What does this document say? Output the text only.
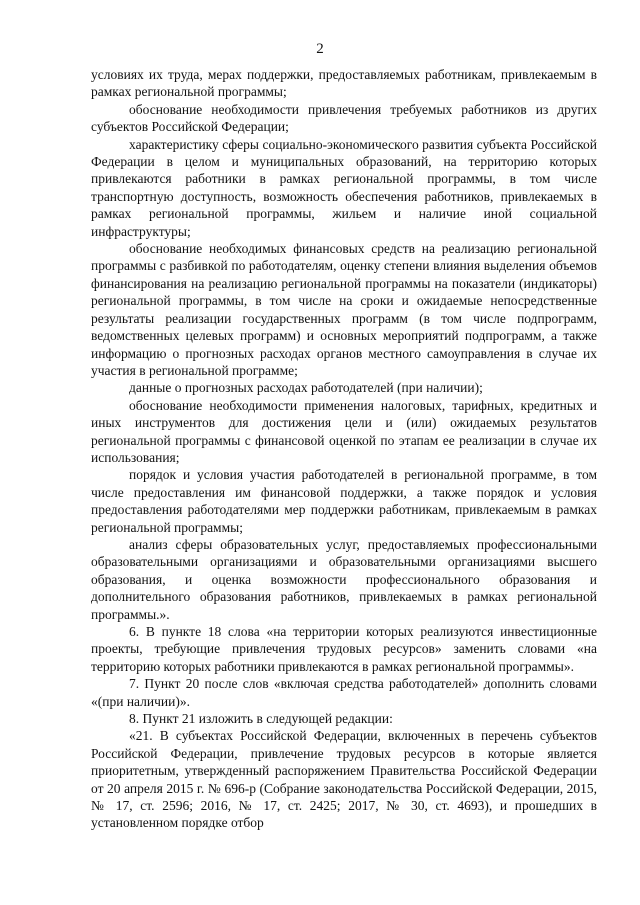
2

условиях их труда, мерах поддержки, предоставляемых работникам, привлекаемым в рамках региональной программы;

обоснование необходимости привлечения требуемых работников из других субъектов Российской Федерации;

характеристику сферы социально-экономического развития субъекта Российской Федерации в целом и муниципальных образований, на территорию которых привлекаются работники в рамках региональной программы, в том числе транспортную доступность, возможность обеспечения работников, привлекаемых в рамках региональной программы, жильем и наличие иной социальной инфраструктуры;

обоснование необходимых финансовых средств на реализацию региональной программы с разбивкой по работодателям, оценку степени влияния выделения объемов финансирования на реализацию региональной программы на показатели (индикаторы) региональной программы, в том числе на сроки и ожидаемые непосредственные результаты реализации государственных программ (в том числе подпрограмм, ведомственных целевых программ) и основных мероприятий подпрограмм, а также информацию о прогнозных расходах органов местного самоуправления в случае их участия в региональной программе;

данные о прогнозных расходах работодателей (при наличии);

обоснование необходимости применения налоговых, тарифных, кредитных и иных инструментов для достижения цели и (или) ожидаемых результатов региональной программы с финансовой оценкой по этапам ее реализации в случае их использования;

порядок и условия участия работодателей в региональной программе, в том числе предоставления им финансовой поддержки, а также порядок и условия предоставления работодателями мер поддержки работникам, привлекаемым в рамках региональной программы;

анализ сферы образовательных услуг, предоставляемых профессиональными образовательными организациями и образовательными организациями высшего образования, и оценка возможности профессионального образования и дополнительного образования работников, привлекаемых в рамках региональной программы.».

6. В пункте 18 слова «на территории которых реализуются инвестиционные проекты, требующие привлечения трудовых ресурсов» заменить словами «на территорию которых работники привлекаются в рамках региональной программы».

7. Пункт 20 после слов «включая средства работодателей» дополнить словами «(при наличии)».

8. Пункт 21 изложить в следующей редакции:

«21. В субъектах Российской Федерации, включенных в перечень субъектов Российской Федерации, привлечение трудовых ресурсов в которые является приоритетным, утвержденный распоряжением Правительства Российской Федерации от 20 апреля 2015 г. № 696-р (Собрание законодательства Российской Федерации, 2015, № 17, ст. 2596; 2016, № 17, ст. 2425; 2017, № 30, ст. 4693), и прошедших в установленном порядке отбор
